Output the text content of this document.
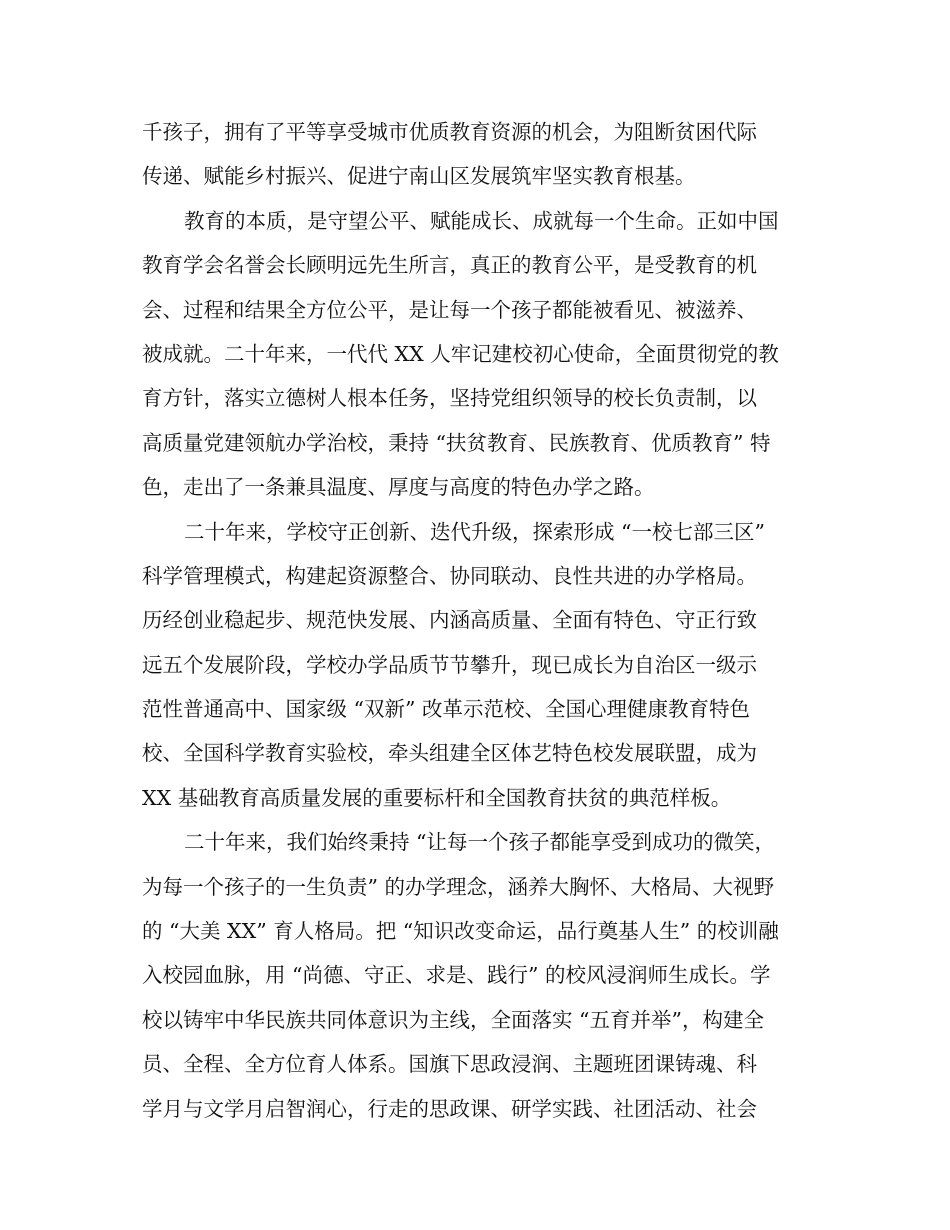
千孩子，拥有了平等享受城市优质教育资源的机会，为阻断贫困代际
传递、赋能乡村振兴、促进宁南山区发展筑牢坚实教育根基。
教育的本质，是守望公平、赋能成长、成就每一个生命。正如中国
教育学会名誉会长顾明远先生所言，真正的教育公平，是受教育的机
会、过程和结果全方位公平，是让每一个孩子都能被看见、被滋养、
被成就。二十年来，一代代 XX 人牢记建校初心使命，全面贯彻党的教
育方针，落实立德树人根本任务，坚持党组织领导的校长负责制，以
高质量党建领航办学治校，秉持 “扶贫教育、民族教育、优质教育” 特
色，走出了一条兼具温度、厚度与高度的特色办学之路。
二十年来，学校守正创新、迭代升级，探索形成 “一校七部三区”
科学管理模式，构建起资源整合、协同联动、良性共进的办学格局。
历经创业稳起步、规范快发展、内涵高质量、全面有特色、守正行致
远五个发展阶段，学校办学品质节节攀升，现已成长为自治区一级示
范性普通高中、国家级 “双新” 改革示范校、全国心理健康教育特色
校、全国科学教育实验校，牵头组建全区体艺特色校发展联盟，成为
XX 基础教育高质量发展的重要标杆和全国教育扶贫的典范样板。
二十年来，我们始终秉持 “让每一个孩子都能享受到成功的微笑，
为每一个孩子的一生负责” 的办学理念，涵养大胸怀、大格局、大视野
的 “大美 XX” 育人格局。把 “知识改变命运，品行奠基人生” 的校训融
入校园血脉，用 “尚德、守正、求是、践行” 的校风浸润师生成长。学
校以铸牢中华民族共同体意识为主线，全面落实 “五育并举”，构建全
员、全程、全方位育人体系。国旗下思政浸润、主题班团课铸魂、科
学月与文学月启智润心，行走的思政课、研学实践、社团活动、社会
